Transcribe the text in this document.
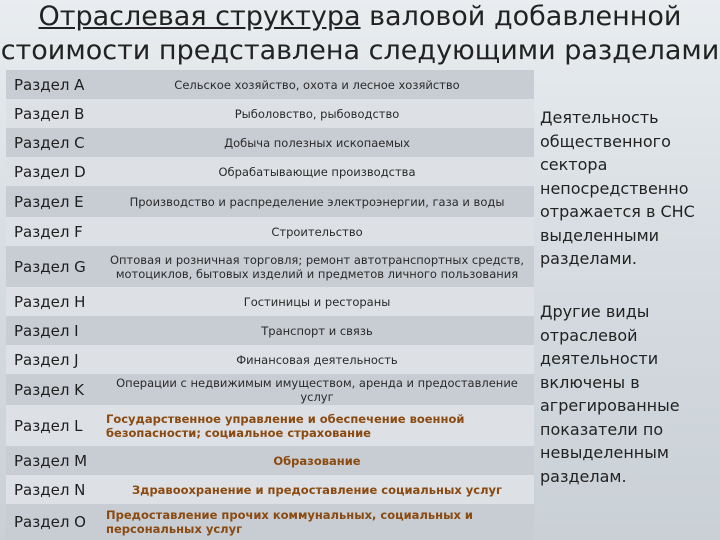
Отраслевая структура валовой добавленной
стоимости представлена следующими разделами
Раздел A	Сельское хозяйство, охота и лесное хозяйство
Раздел B	Рыболовство, рыбоводство
Раздел C	Добыча полезных ископаемых
Раздел D	Обрабатывающие производства
Раздел E	Производство и распределение электроэнергии, газа и воды
Раздел F	Строительство
Раздел G	Оптовая и розничная торговля; ремонт автотранспортных средств, мотоциклов, бытовых изделий и предметов личного пользования
Раздел H	Гостиницы и рестораны
Раздел I	Транспорт и связь
Раздел J	Финансовая деятельность
Раздел K	Операции с недвижимым имуществом, аренда и предоставление услуг
Раздел L	Государственное управление и обеспечение военной безопасности; социальное страхование
Раздел M	Образование
Раздел N	Здравоохранение и предоставление социальных услуг
Раздел O	Предоставление прочих коммунальных, социальных и персональных услуг
Деятельность общественного сектора непосредственно отражается в СНС выделенными разделами.
Другие виды отраслевой деятельности включены в агрегированные показатели по невыделенным разделам.
